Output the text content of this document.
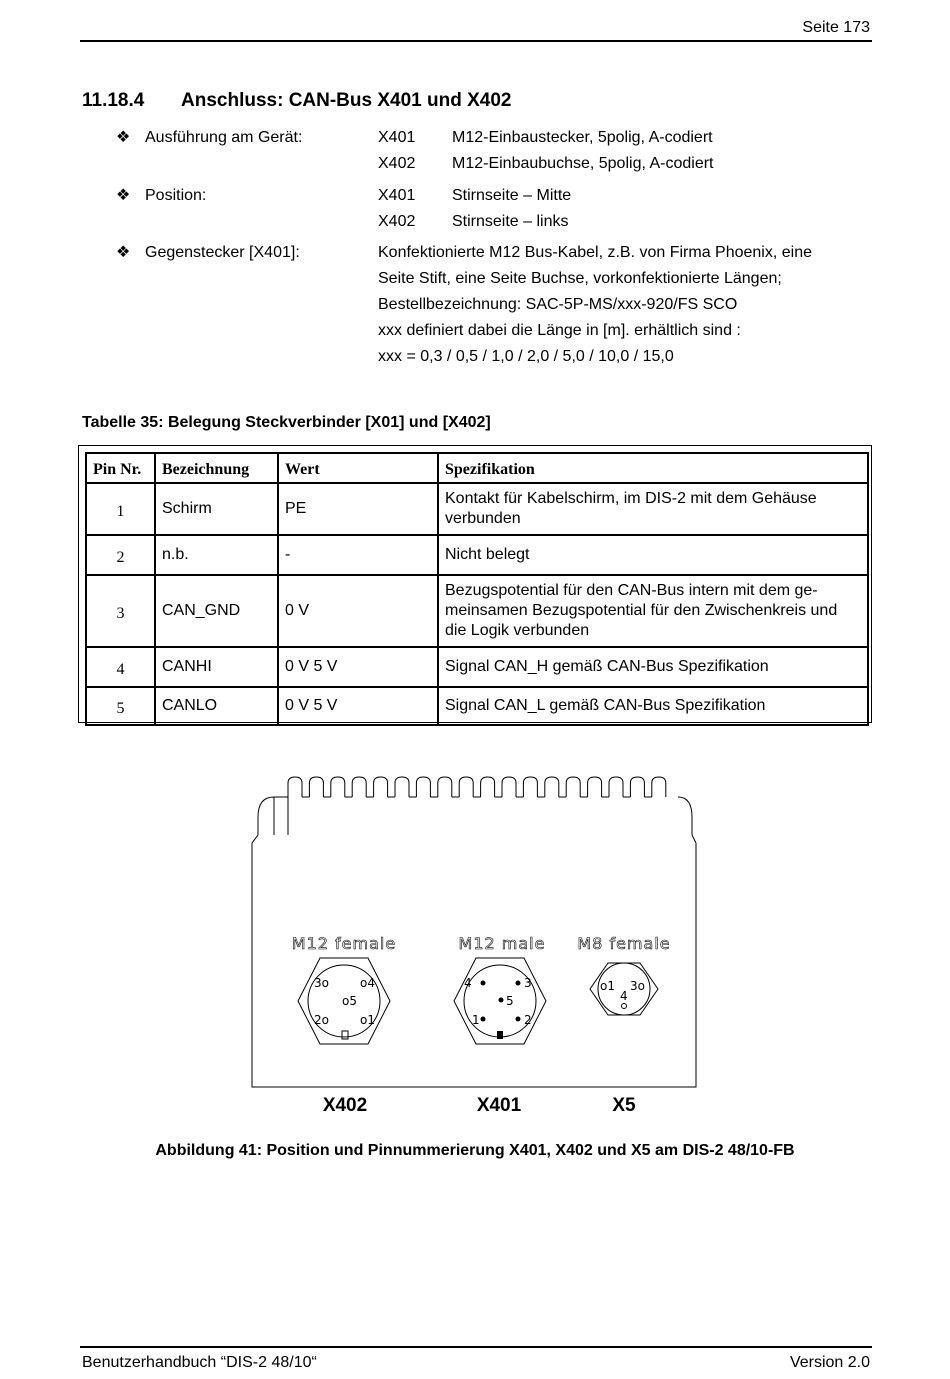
Seite 173
11.18.4 Anschluss: CAN-Bus X401 und X402
❖ Ausführung am Gerät:	X401 M12-Einbaustecker, 5polig, A-codiert
X402 M12-Einbaubuchse, 5polig, A-codiert
❖ Position:	X401 Stirnseite – Mitte
X402 Stirnseite – links
❖ Gegenstecker [X401]:	Konfektionierte M12 Bus-Kabel, z.B. von Firma Phoenix, eine
Seite Stift, eine Seite Buchse, vorkonfektionierte Längen;
Bestellbezeichnung: SAC-5P-MS/xxx-920/FS SCO
xxx definiert dabei die Länge in [m]. erhältlich sind :
xxx = 0,3 / 0,5 / 1,0 / 2,0 / 5,0 / 10,0 / 15,0
Tabelle 35: Belegung Steckverbinder [X01] und [X402]
Pin Nr.	Bezeichnung	Wert	Spezifikation
1	Schirm	PE	Kontakt für Kabelschirm, im DIS-2 mit dem Gehäuse verbunden
2	n.b.	-	Nicht belegt
3	CAN_GND	0 V	Bezugspotential für den CAN-Bus intern mit dem ge-meinsamen Bezugspotential für den Zwischenkreis und die Logik verbunden
4	CANHI	0 V 5 V	Signal CAN_H gemäß CAN-Bus Spezifikation
5	CANLO	0 V 5 V	Signal CAN_L gemäß CAN-Bus Spezifikation
M12 female	M12 male M8 female
3o	o4
o5
2o	o1
4	3
5
1	2
o1 3o
4
X402	X401	X5
Abbildung 41: Position und Pinnummerierung X401, X402 und X5 am DIS-2 48/10-FB
Benutzerhandbuch “DIS-2 48/10“	Version 2.0
